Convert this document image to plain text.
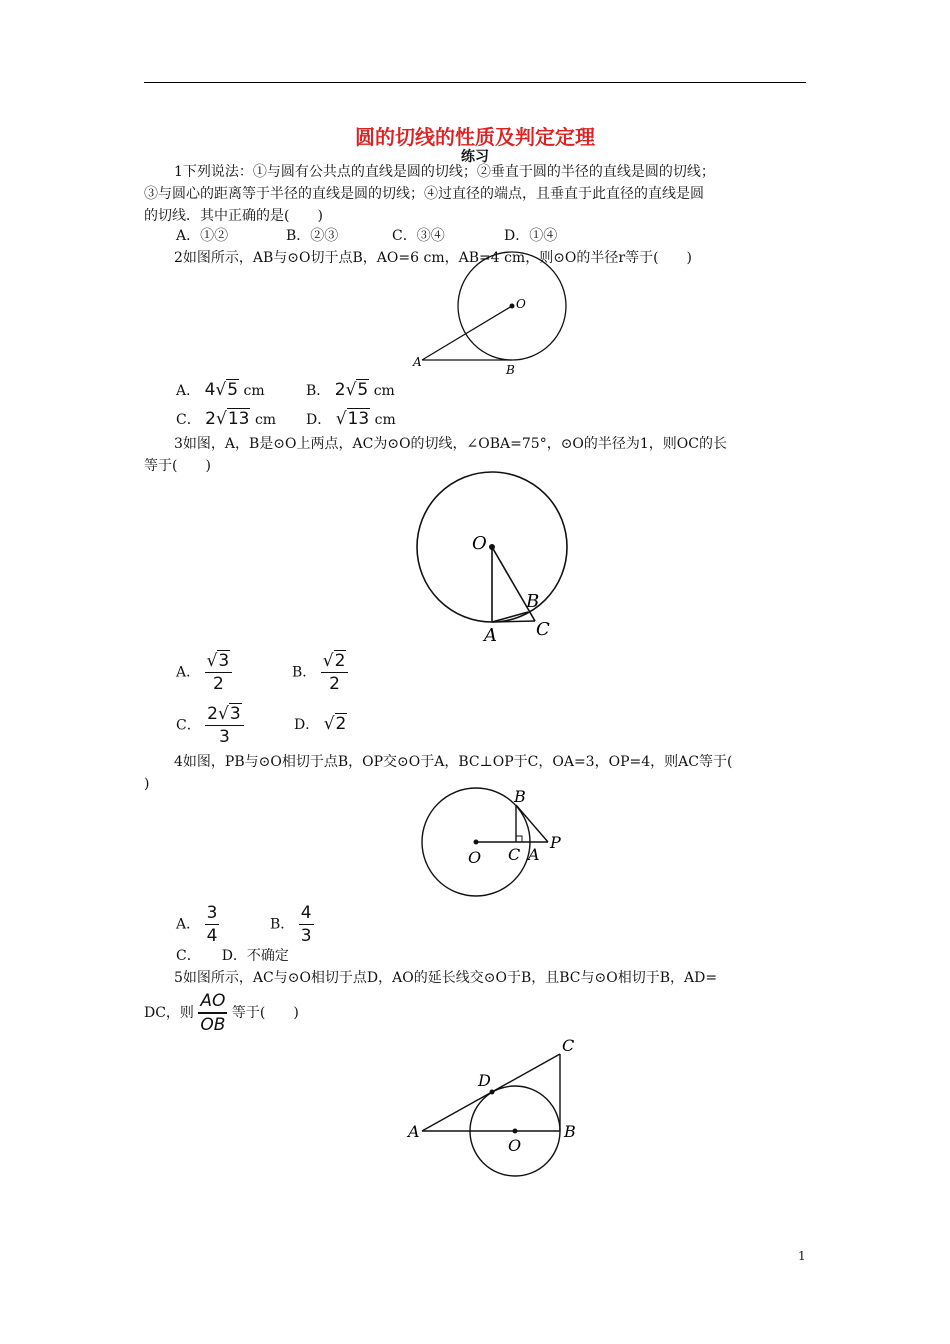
圆的切线的性质及判定定理
练习
1下列说法：①与圆有公共点的直线是圆的切线；②垂直于圆的半径的直线是圆的切线；
③与圆心的距离等于半径的直线是圆的切线；④过直径的端点，且垂直于此直径的直线是圆
的切线．其中正确的是(　　)
A．①②	B．②③	C．③④	D．①④
2如图所示，AB与⊙O切于点B，AO=6 cm，AB=4 cm，则⊙O的半径r等于(　　)
O
A
B
A． 4√5 cm	B． 2√5 cm
C． 2√13 cm D． √13 cm
3如图，A，B是⊙O上两点，AC为⊙O的切线，∠OBA=75°，⊙O的半径为1，则OC的长
等于(　　)
O
A
B
C
A． $\frac{√3}{2}$	B． $\frac{√2}{2}$
C． $\frac{2√3}{3}$	D． √2
4如图，PB与⊙O相切于点B，OP交⊙O于A，BC⊥OP于C，OA=3，OP=4，则AC等于(
)
O
B
C A
P
A． $\frac{3}{4}$	B． $\frac{4}{3}$
C．　　D．不确定
5如图所示，AC与⊙O相切于点D，AO的延长线交⊙O于B，且BC与⊙O相切于B，AD=
DC，则 $\frac{AO}{OB}$ 等于(　　)
O
A	B
C
D
1
